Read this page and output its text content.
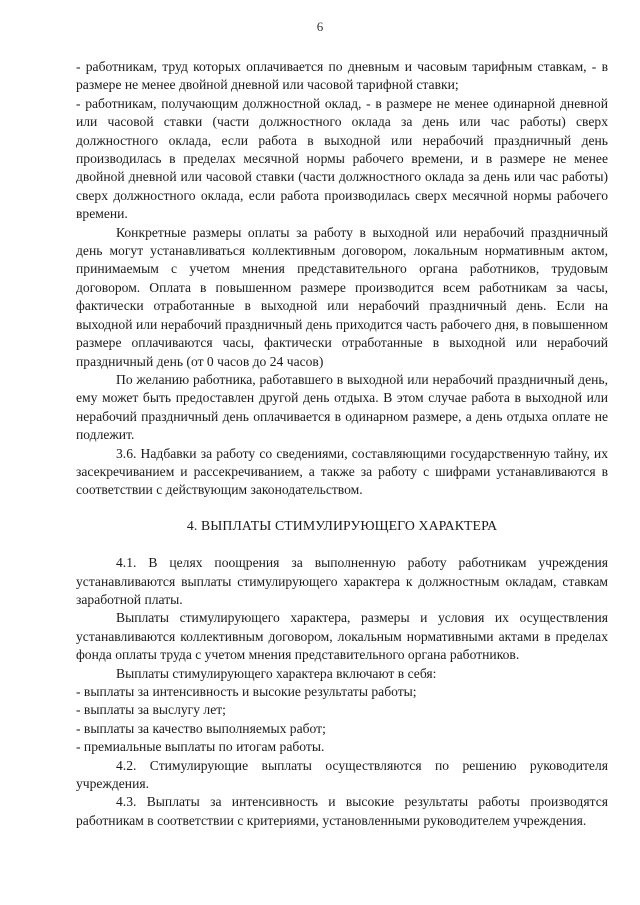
6

- работникам, труд которых оплачивается по дневным и часовым тарифным ставкам, - в размере не менее двойной дневной или часовой тарифной ставки;

- работникам, получающим должностной оклад, - в размере не менее одинарной дневной или часовой ставки (части должностного оклада за день или час работы) сверх должностного оклада, если работа в выходной или нерабочий праздничный день производилась в пределах месячной нормы рабочего времени, и в размере не менее двойной дневной или часовой ставки (части должностного оклада за день или час работы) сверх должностного оклада, если работа производилась сверх месячной нормы рабочего времени.

Конкретные размеры оплаты за работу в выходной или нерабочий праздничный день могут устанавливаться коллективным договором, локальным нормативным актом, принимаемым с учетом мнения представительного органа работников, трудовым договором. Оплата в повышенном размере производится всем работникам за часы, фактически отработанные в выходной или нерабочий праздничный день. Если на выходной или нерабочий праздничный день приходится часть рабочего дня, в повышенном размере оплачиваются часы, фактически отработанные в выходной или нерабочий праздничный день (от 0 часов до 24 часов)

По желанию работника, работавшего в выходной или нерабочий праздничный день, ему может быть предоставлен другой день отдыха. В этом случае работа в выходной или нерабочий праздничный день оплачивается в одинарном размере, а день отдыха оплате не подлежит.

3.6. Надбавки за работу со сведениями, составляющими государственную тайну, их засекречиванием и рассекречиванием, а также за работу с шифрами устанавливаются в соответствии с действующим законодательством.

4. ВЫПЛАТЫ СТИМУЛИРУЮЩЕГО ХАРАКТЕРА

4.1. В целях поощрения за выполненную работу работникам учреждения устанавливаются выплаты стимулирующего характера к должностным окладам, ставкам заработной платы.

Выплаты стимулирующего характера, размеры и условия их осуществления устанавливаются коллективным договором, локальным нормативными актами в пределах фонда оплаты труда с учетом мнения представительного органа работников.

Выплаты стимулирующего характера включают в себя:

- выплаты за интенсивность и высокие результаты работы;

- выплаты за выслугу лет;

- выплаты за качество выполняемых работ;

- премиальные выплаты по итогам работы.

4.2. Стимулирующие выплаты осуществляются по решению руководителя учреждения.

4.3. Выплаты за интенсивность и высокие результаты работы производятся работникам в соответствии с критериями, установленными руководителем учреждения.
